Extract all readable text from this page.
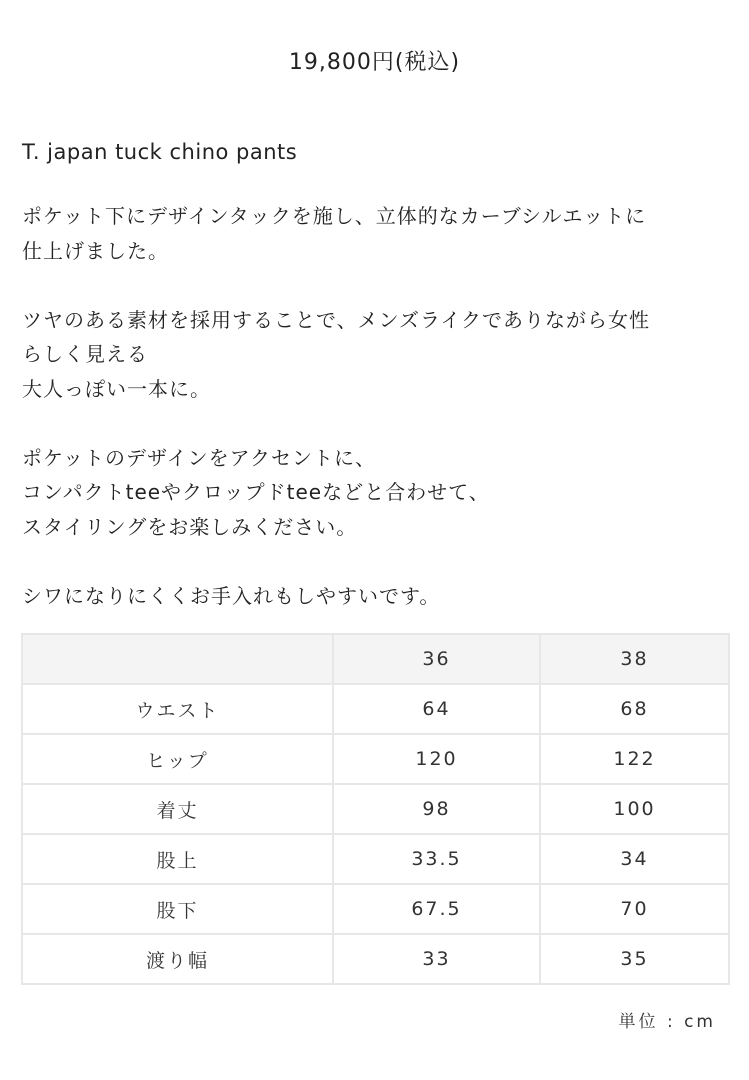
19,800円(税込)
T. japan tuck chino pants
ポケット下にデザインタックを施し、立体的なカーブシルエットに
仕上げました。
ツヤのある素材を採用することで、メンズライクでありながら女性
らしく見える
大人っぽい一本に。
ポケットのデザインをアクセントに、
コンパクトteeやクロップドteeなどと合わせて、
スタイリングをお楽しみください。
シワになりにくくお手入れもしやすいです。
	36	38
ウエスト	64	68
ヒップ	120	122
着丈	98	100
股上	33.5	34
股下	67.5	70
渡り幅	33	35
単位 : cm
